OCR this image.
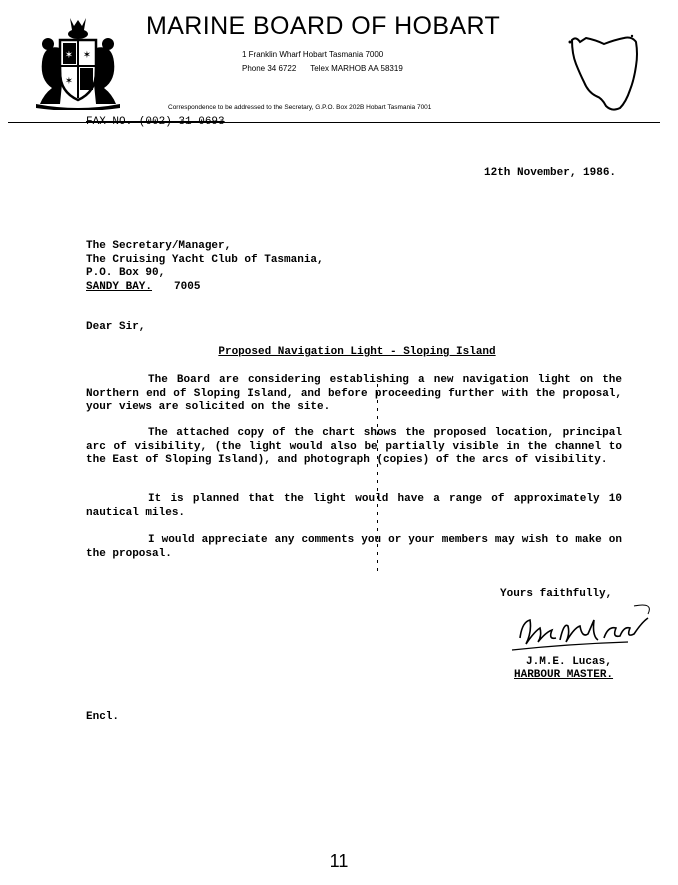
✶ ✶
✶
MARINE BOARD OF HOBART
1 Franklin Wharf Hobart Tasmania 7000
Phone 34 6722 Telex MARHOB AA 58319
Correspondence to be addressed to the Secretary, G.P.O. Box 202B Hobart Tasmania 7001
FAX NO. (002) 31 0693
12th November, 1986.
The Secretary/Manager,
The Cruising Yacht Club of Tasmania,
P.O. Box 90,
SANDY BAY. 7005
Dear Sir,
Proposed Navigation Light - Sloping Island

The Board are considering establishing a new navigation light on the Northern end of Sloping Island, and before proceeding further with the proposal, your views are solicited on the site.

The attached copy of the chart shows the proposed location, principal arc of visibility, (the light would also be partially visible in the channel to the East of Sloping Island), and photograph (copies) of the arcs of visibility.

It is planned that the light would have a range of approximately 10 nautical miles.

I would appreciate any comments you or your members may wish to make on the proposal.

Yours faithfully,
J.M.E. Lucas,
HARBOUR MASTER.
Encl.
11
